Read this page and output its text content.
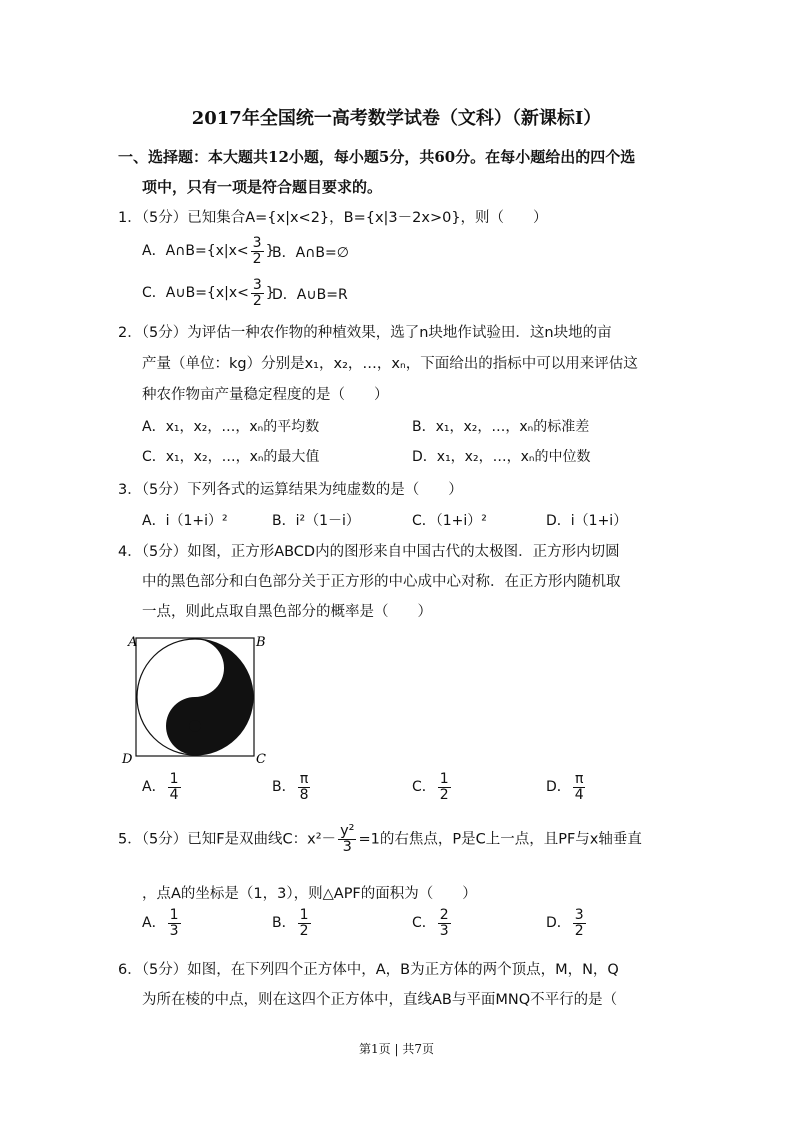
2017年全国统一高考数学试卷（文科）（新课标Ⅰ）
一、选择题：本大题共12小题，每小题5分，共60分。在每小题给出的四个选
项中，只有一项是符合题目要求的。
1．（5分）已知集合A={x|x<2}，B={x|3－2x>0}，则（　　）
A．A∩B={x|x< $\frac{3}{2}$ }
B．A∩B=∅
C．A∪B={x|x< $\frac{3}{2}$ }
D．A∪B=R
2．（5分）为评估一种农作物的种植效果，选了n块地作试验田．这n块地的亩
产量（单位：kg）分别是x₁，x₂，…，xₙ，下面给出的指标中可以用来评估这
种农作物亩产量稳定程度的是（　　）
A．x₁，x₂，…，xₙ的平均数	B．x₁，x₂，…，xₙ的标准差
C．x₁，x₂，…，xₙ的最大值	D．x₁，x₂，…，xₙ的中位数
3．（5分）下列各式的运算结果为纯虚数的是（　　）
A．i（1+i）²	B．i²（1－i）	C．（1+i）²	D．i（1+i）
4．（5分）如图，正方形ABCD内的图形来自中国古代的太极图．正方形内切圆
中的黑色部分和白色部分关于正方形的中心成中心对称．在正方形内随机取
一点，则此点取自黑色部分的概率是（　　）
A	B
C
D
A． $\frac{1}{4}$	B． $\frac{\pi}{8}$	C． $\frac{1}{2}$	D． $\frac{\pi}{4}$
5．（5分）已知F是双曲线C：$x^2- \frac{\text{y²}}{3} =1$的右焦点，P是C上一点，且PF与x轴垂直
，点A的坐标是（1，3），则△APF的面积为（　　）
A． $\frac{1}{3}$	B． $\frac{1}{2}$	C． $\frac{2}{3}$	D． $\frac{3}{2}$
6．（5分）如图，在下列四个正方体中，A，B为正方体的两个顶点，M，N，Q
为所在棱的中点，则在这四个正方体中，直线AB与平面MNQ不平行的是（
第1页 | 共7页
